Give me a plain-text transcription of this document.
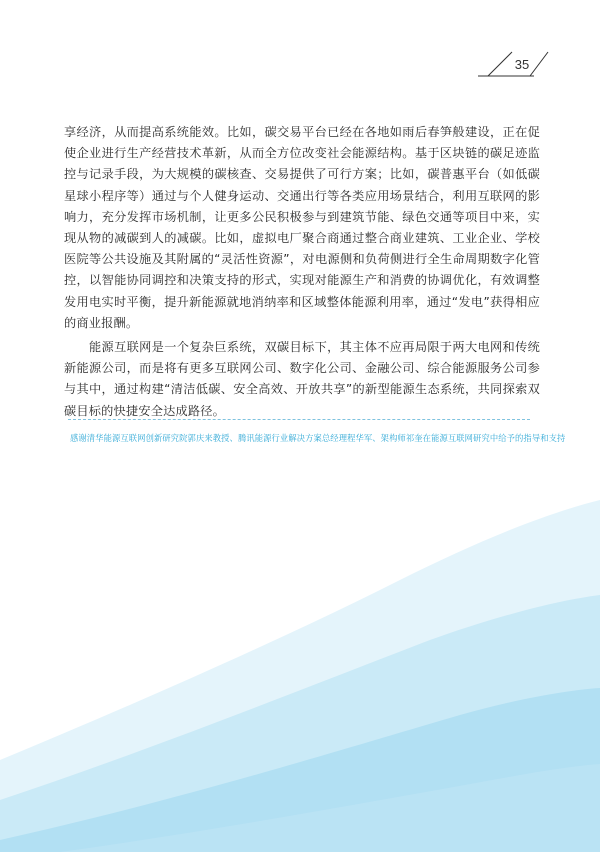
35

享经济，从而提高系统能效。比如，碳交易平台已经在各地如雨后春笋般建设，正在促使企业进行生产经营技术革新，从而全方位改变社会能源结构。基于区块链的碳足迹监控与记录手段，为大规模的碳核查、交易提供了可行方案；比如，碳普惠平台（如低碳星球小程序等）通过与个人健身运动、交通出行等各类应用场景结合，利用互联网的影响力，充分发挥市场机制，让更多公民积极参与到建筑节能、绿色交通等项目中来，实现从物的减碳到人的减碳。比如，虚拟电厂聚合商通过整合商业建筑、工业企业、学校医院等公共设施及其附属的“灵活性资源”，对电源侧和负荷侧进行全生命周期数字化管控，以智能协同调控和决策支持的形式，实现对能源生产和消费的协调优化，有效调整发用电实时平衡，提升新能源就地消纳率和区域整体能源利用率，通过“发电”获得相应的商业报酬。

能源互联网是一个复杂巨系统，双碳目标下，其主体不应再局限于两大电网和传统新能源公司，而是将有更多互联网公司、数字化公司、金融公司、综合能源服务公司参与其中，通过构建“清洁低碳、安全高效、开放共享”的新型能源生态系统，共同探索双碳目标的快捷安全达成路径。

感谢清华能源互联网创新研究院郭庆来教授、腾讯能源行业解决方案总经理程华军、架构师祁奎在能源互联网研究中给予的指导和支持
